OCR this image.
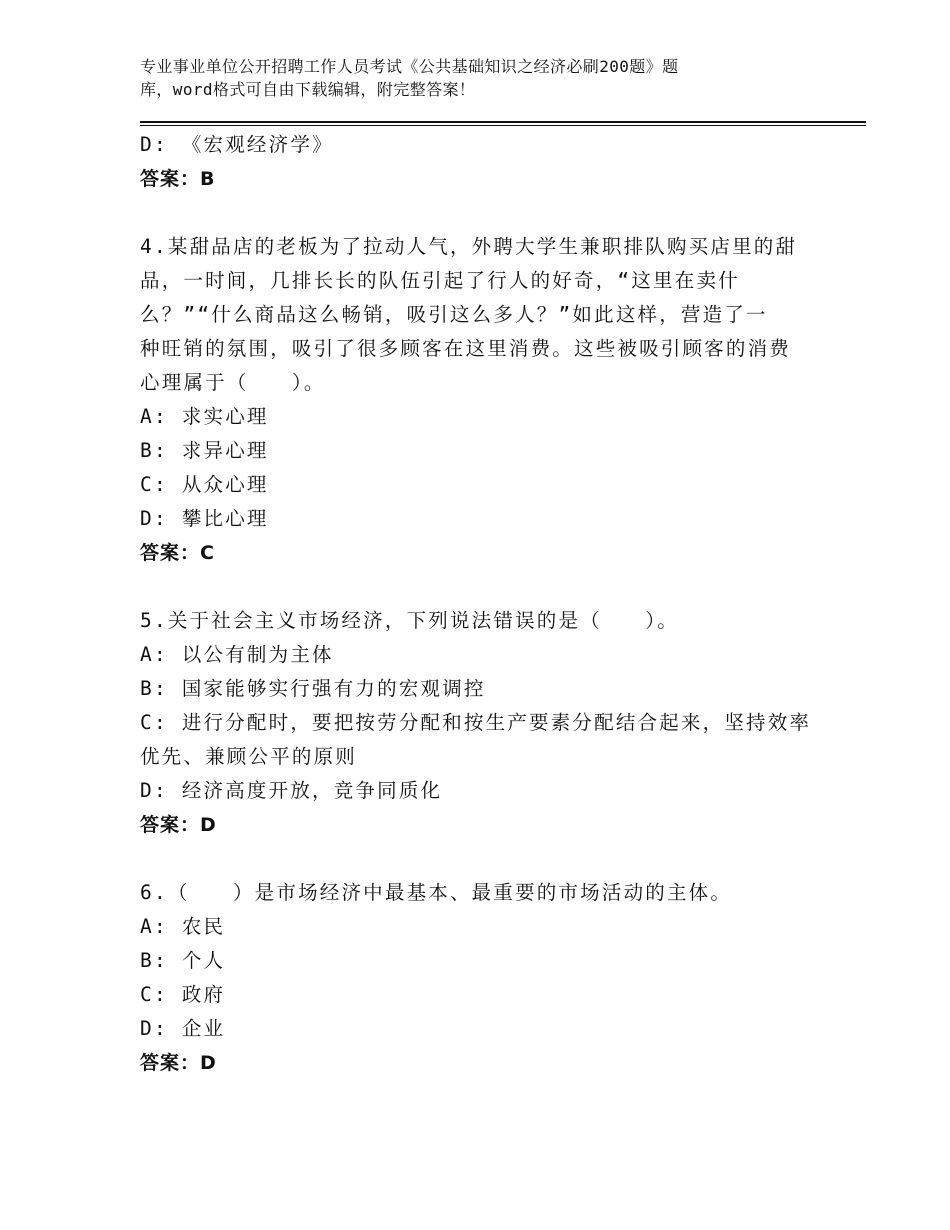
专业事业单位公开招聘工作人员考试《公共基础知识之经济必刷200题》题
库，word格式可自由下载编辑，附完整答案！
D: 《宏观经济学》
答案：B
4.某甜品店的老板为了拉动人气，外聘大学生兼职排队购买店里的甜
品，一时间，几排长长的队伍引起了行人的好奇，“这里在卖什
么？”“什么商品这么畅销，吸引这么多人？”如此这样，营造了一
种旺销的氛围，吸引了很多顾客在这里消费。这些被吸引顾客的消费
心理属于（　　）。
A: 求实心理
B: 求异心理
C: 从众心理
D: 攀比心理
答案：C
5.关于社会主义市场经济，下列说法错误的是（　　）。
A: 以公有制为主体
B: 国家能够实行强有力的宏观调控
C: 进行分配时，要把按劳分配和按生产要素分配结合起来，坚持效率
优先、兼顾公平的原则
D: 经济高度开放，竞争同质化
答案：D
6.（　　）是市场经济中最基本、最重要的市场活动的主体。
A: 农民
B: 个人
C: 政府
D: 企业
答案：D
